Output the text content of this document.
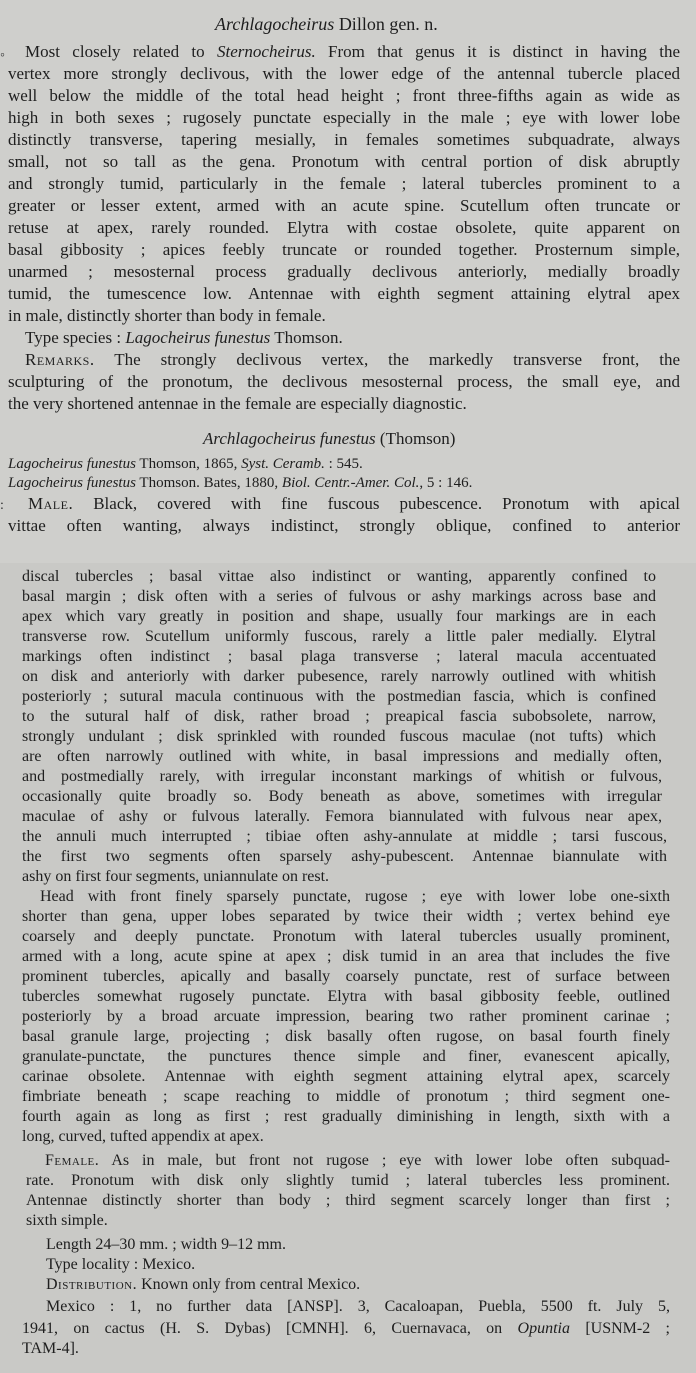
Archlagocheirus Dillon gen. n.
◦ Most closely related to Sternocheirus. From that genus it is distinct in having the
vertex more strongly declivous, with the lower edge of the antennal tubercle placed
well below the middle of the total head height ; front three-fifths again as wide as
high in both sexes ; rugosely punctate especially in the male ; eye with lower lobe
distinctly transverse, tapering mesially, in females sometimes subquadrate, always
small, not so tall as the gena. Pronotum with central portion of disk abruptly
and strongly tumid, particularly in the female ; lateral tubercles prominent to a
greater or lesser extent, armed with an acute spine. Scutellum often truncate or
retuse at apex, rarely rounded. Elytra with costae obsolete, quite apparent on
basal gibbosity ; apices feebly truncate or rounded together. Prosternum simple,
unarmed ; mesosternal process gradually declivous anteriorly, medially broadly
tumid, the tumescence low. Antennae with eighth segment attaining elytral apex
in male, distinctly shorter than body in female.
Type species : Lagocheirus funestus Thomson.
Remarks. The strongly declivous vertex, the markedly transverse front, the
sculpturing of the pronotum, the declivous mesosternal process, the small eye, and
the very shortened antennae in the female are especially diagnostic.
Archlagocheirus funestus (Thomson)
Lagocheirus funestus Thomson, 1865, Syst. Ceramb. : 545.
Lagocheirus funestus Thomson. Bates, 1880, Biol. Centr.-Amer. Col., 5 : 146.
: Male. Black, covered with fine fuscous pubescence. Pronotum with apical
vittae often wanting, always indistinct, strongly oblique, confined to anterior
discal tubercles ; basal vittae also indistinct or wanting, apparently confined to
basal margin ; disk often with a series of fulvous or ashy markings across base and
apex which vary greatly in position and shape, usually four markings are in each
transverse row. Scutellum uniformly fuscous, rarely a little paler medially. Elytral
markings often indistinct ; basal plaga transverse ; lateral macula accentuated
on disk and anteriorly with darker pubesence, rarely narrowly outlined with whitish
posteriorly ; sutural macula continuous with the postmedian fascia, which is confined
to the sutural half of disk, rather broad ; preapical fascia subobsolete, narrow,
strongly undulant ; disk sprinkled with rounded fuscous maculae (not tufts) which
are often narrowly outlined with white, in basal impressions and medially often,
and postmedially rarely, with irregular inconstant markings of whitish or fulvous,
occasionally quite broadly so. Body beneath as above, sometimes with irregular
maculae of ashy or fulvous laterally. Femora biannulated with fulvous near apex,
the annuli much interrupted ; tibiae often ashy-annulate at middle ; tarsi fuscous,
the first two segments often sparsely ashy-pubescent. Antennae biannulate with
ashy on first four segments, uniannulate on rest.
Head with front finely sparsely punctate, rugose ; eye with lower lobe one-sixth
shorter than gena, upper lobes separated by twice their width ; vertex behind eye
coarsely and deeply punctate. Pronotum with lateral tubercles usually prominent,
armed with a long, acute spine at apex ; disk tumid in an area that includes the five
prominent tubercles, apically and basally coarsely punctate, rest of surface between
tubercles somewhat rugosely punctate. Elytra with basal gibbosity feeble, outlined
posteriorly by a broad arcuate impression, bearing two rather prominent carinae ;
basal granule large, projecting ; disk basally often rugose, on basal fourth finely
granulate-punctate, the punctures thence simple and finer, evanescent apically,
carinae obsolete. Antennae with eighth segment attaining elytral apex, scarcely
fimbriate beneath ; scape reaching to middle of pronotum ; third segment one-
fourth again as long as first ; rest gradually diminishing in length, sixth with a
long, curved, tufted appendix at apex.
Female. As in male, but front not rugose ; eye with lower lobe often subquad-
rate. Pronotum with disk only slightly tumid ; lateral tubercles less prominent.
Antennae distinctly shorter than body ; third segment scarcely longer than first ;
sixth simple.
Length 24–30 mm. ; width 9–12 mm.
Type locality : Mexico.
Distribution. Known only from central Mexico.
Mexico : 1, no further data [ANSP]. 3, Cacaloapan, Puebla, 5500 ft. July 5,
1941, on cactus (H. S. Dybas) [CMNH]. 6, Cuernavaca, on Opuntia [USNM-2 ;
TAM-4].
